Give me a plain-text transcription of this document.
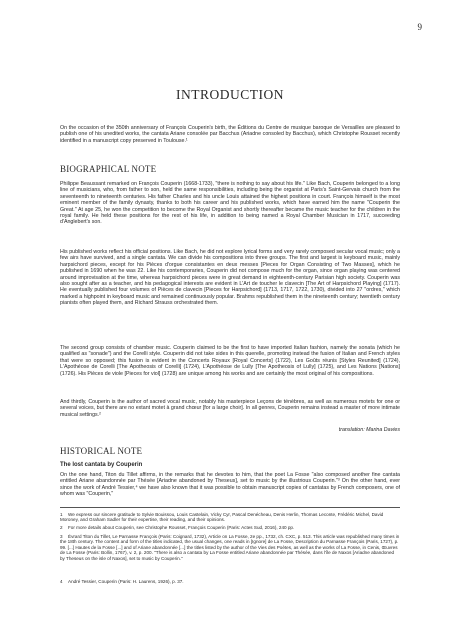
9
INTRODUCTION

On the occasion of the 350th anniversary of François Couperin's birth, the Éditions du Centre de musique baroque de Versailles are pleased to publish one of his unedited works, the cantata Ariane consolée par Bacchus (Ariadne consoled by Bacchus), which Christophe Rousset recently identified in a manuscript copy preserved in Toulouse.¹

BIOGRAPHICAL NOTE

Philippe Beaussant remarked on François Couperin (1668-1733), "there is nothing to say about his life." Like Bach, Couperin belonged to a long line of musicians, who, from father to son, held the same responsibilities, including being the organist at Paris's Saint-Gervais church from the seventeenth to nineteenth centuries. His father Charles and his uncle Louis attained the highest positions in court. François himself is the most eminent member of the family dynasty, thanks to both his career and his published works, which have earned him the name "Couperin the Great." At age 25, he won the competition to become the Royal Organist and shortly thereafter became the music teacher for the children in the royal family. He held these positions for the rest of his life, in addition to being named a Royal Chamber Musician in 1717, succeeding d'Anglebert's son.

His published works reflect his official positions. Like Bach, he did not explore lyrical forms and very rarely composed secular vocal music; only a few airs have survived, and a single cantata. We can divide his compositions into three groups. The first and largest is keyboard music, mainly harpsichord pieces, except for his Pièces d'orgue consistantes en deux messes [Pieces for Organ Consisting of Two Masses], which he published in 1690 when he was 22. Like his contemporaries, Couperin did not compose much for the organ, since organ playing was centered around improvisation at the time, whereas harpsichord pieces were in great demand in eighteenth-century Parisian high society. Couperin was also sought after as a teacher, and his pedagogical interests are evident in L'Art de toucher le clavecin [The Art of Harpsichord Playing] (1717). He eventually published four volumes of Pièces de clavecin [Pieces for Harpsichord] (1713, 1717, 1722, 1730), divided into 27 "ordres," which marked a highpoint in keyboard music and remained continuously popular. Brahms republished them in the nineteenth century; twentieth century pianists often played them, and Richard Strauss orchestrated them.

The second group consists of chamber music. Couperin claimed to be the first to have imported Italian fashion, namely the sonata (which he qualified as "sonade") and the Corelli style. Couperin did not take sides in this querelle, promoting instead the fusion of Italian and French styles that were so opposed; this fusion is evident in the Concerts Royaux [Royal Concerts] (1722), Les Goûts réunis [Styles Reunited] (1724), L'Apothéose de Corelli [The Apotheosis of Corelli] (1724), L'Apothéose de Lully [The Apotheosis of Lully] (1725), and Les Nations [Nations] (1726). His Pièces de viole [Pieces for viol] (1728) are unique among his works and are certainly the most original of his compositions.

And thirdly, Couperin is the author of sacred vocal music, notably his masterpiece Leçons de ténèbres, as well as numerous motets for one or several voices, but there are no extant motet à grand chœur [for a large choir]. In all genres, Couperin remains instead a master of more intimate musical settings.²

translation: Marina Davies
HISTORICAL NOTE
The lost cantata by Couperin

On the one hand, Titon du Tillet affirms, in the remarks that he devotes to him, that the poet La Fosse "also composed another fine cantata entitled Ariane abandonnée par Thésée [Ariadne abandoned by Theseus], set to music by the illustrious Couperin."³ On the other hand, ever since the work of André Tessier,⁴ we have also known that it was possible to obtain manuscript copies of cantatas by French composers, one of whom was "Couperin,"

1 We express our sincere gratitude to Sylvie Bouissou, Louis Castelain, Vicky Cyr, Pascal Denécheau, Denis Herlin, Thomas Leconte, Frédéric Michel, David Moroney, and Graham Sadler for their expertise, their reading, and their opinions.

2 For more details about Couperin, see Christophe Rousset, François Couperin (Paris: Actes Sud, 2016), 240 pp.

3 Évrard Titon du Tillet, Le Parnasse François (Paris: Coignard, 1732), Article on La Fosse, 2e pp., 1732, ch. CXC, p. 513. This article was republished many times in the 18th century. The content and form of the titles indicated, the usual changes, one reads in [Ignore] de La Fosse, Description du Parnasse François (Paris, 1727), p. 99. [...] Hautes de la Fosse [...] and of Ariane abandonnée [...] the titles listed by the author of the Vies des Poètes, as well as the works of La Fosse, in Cenis, Œuvres de La Fosse (Paris: Bollin, 1767), v. 2, p. 200. "There is also a cantata by La Fosse entitled Ariane abandonnée par Thésée, dans l'île de Naxos [Ariadne abandoned by Theseus on the isle of Naxos], set to music by Couperin."

4 André Tessier, Couperin (Paris: H. Laurens, 1926), p. 37.
